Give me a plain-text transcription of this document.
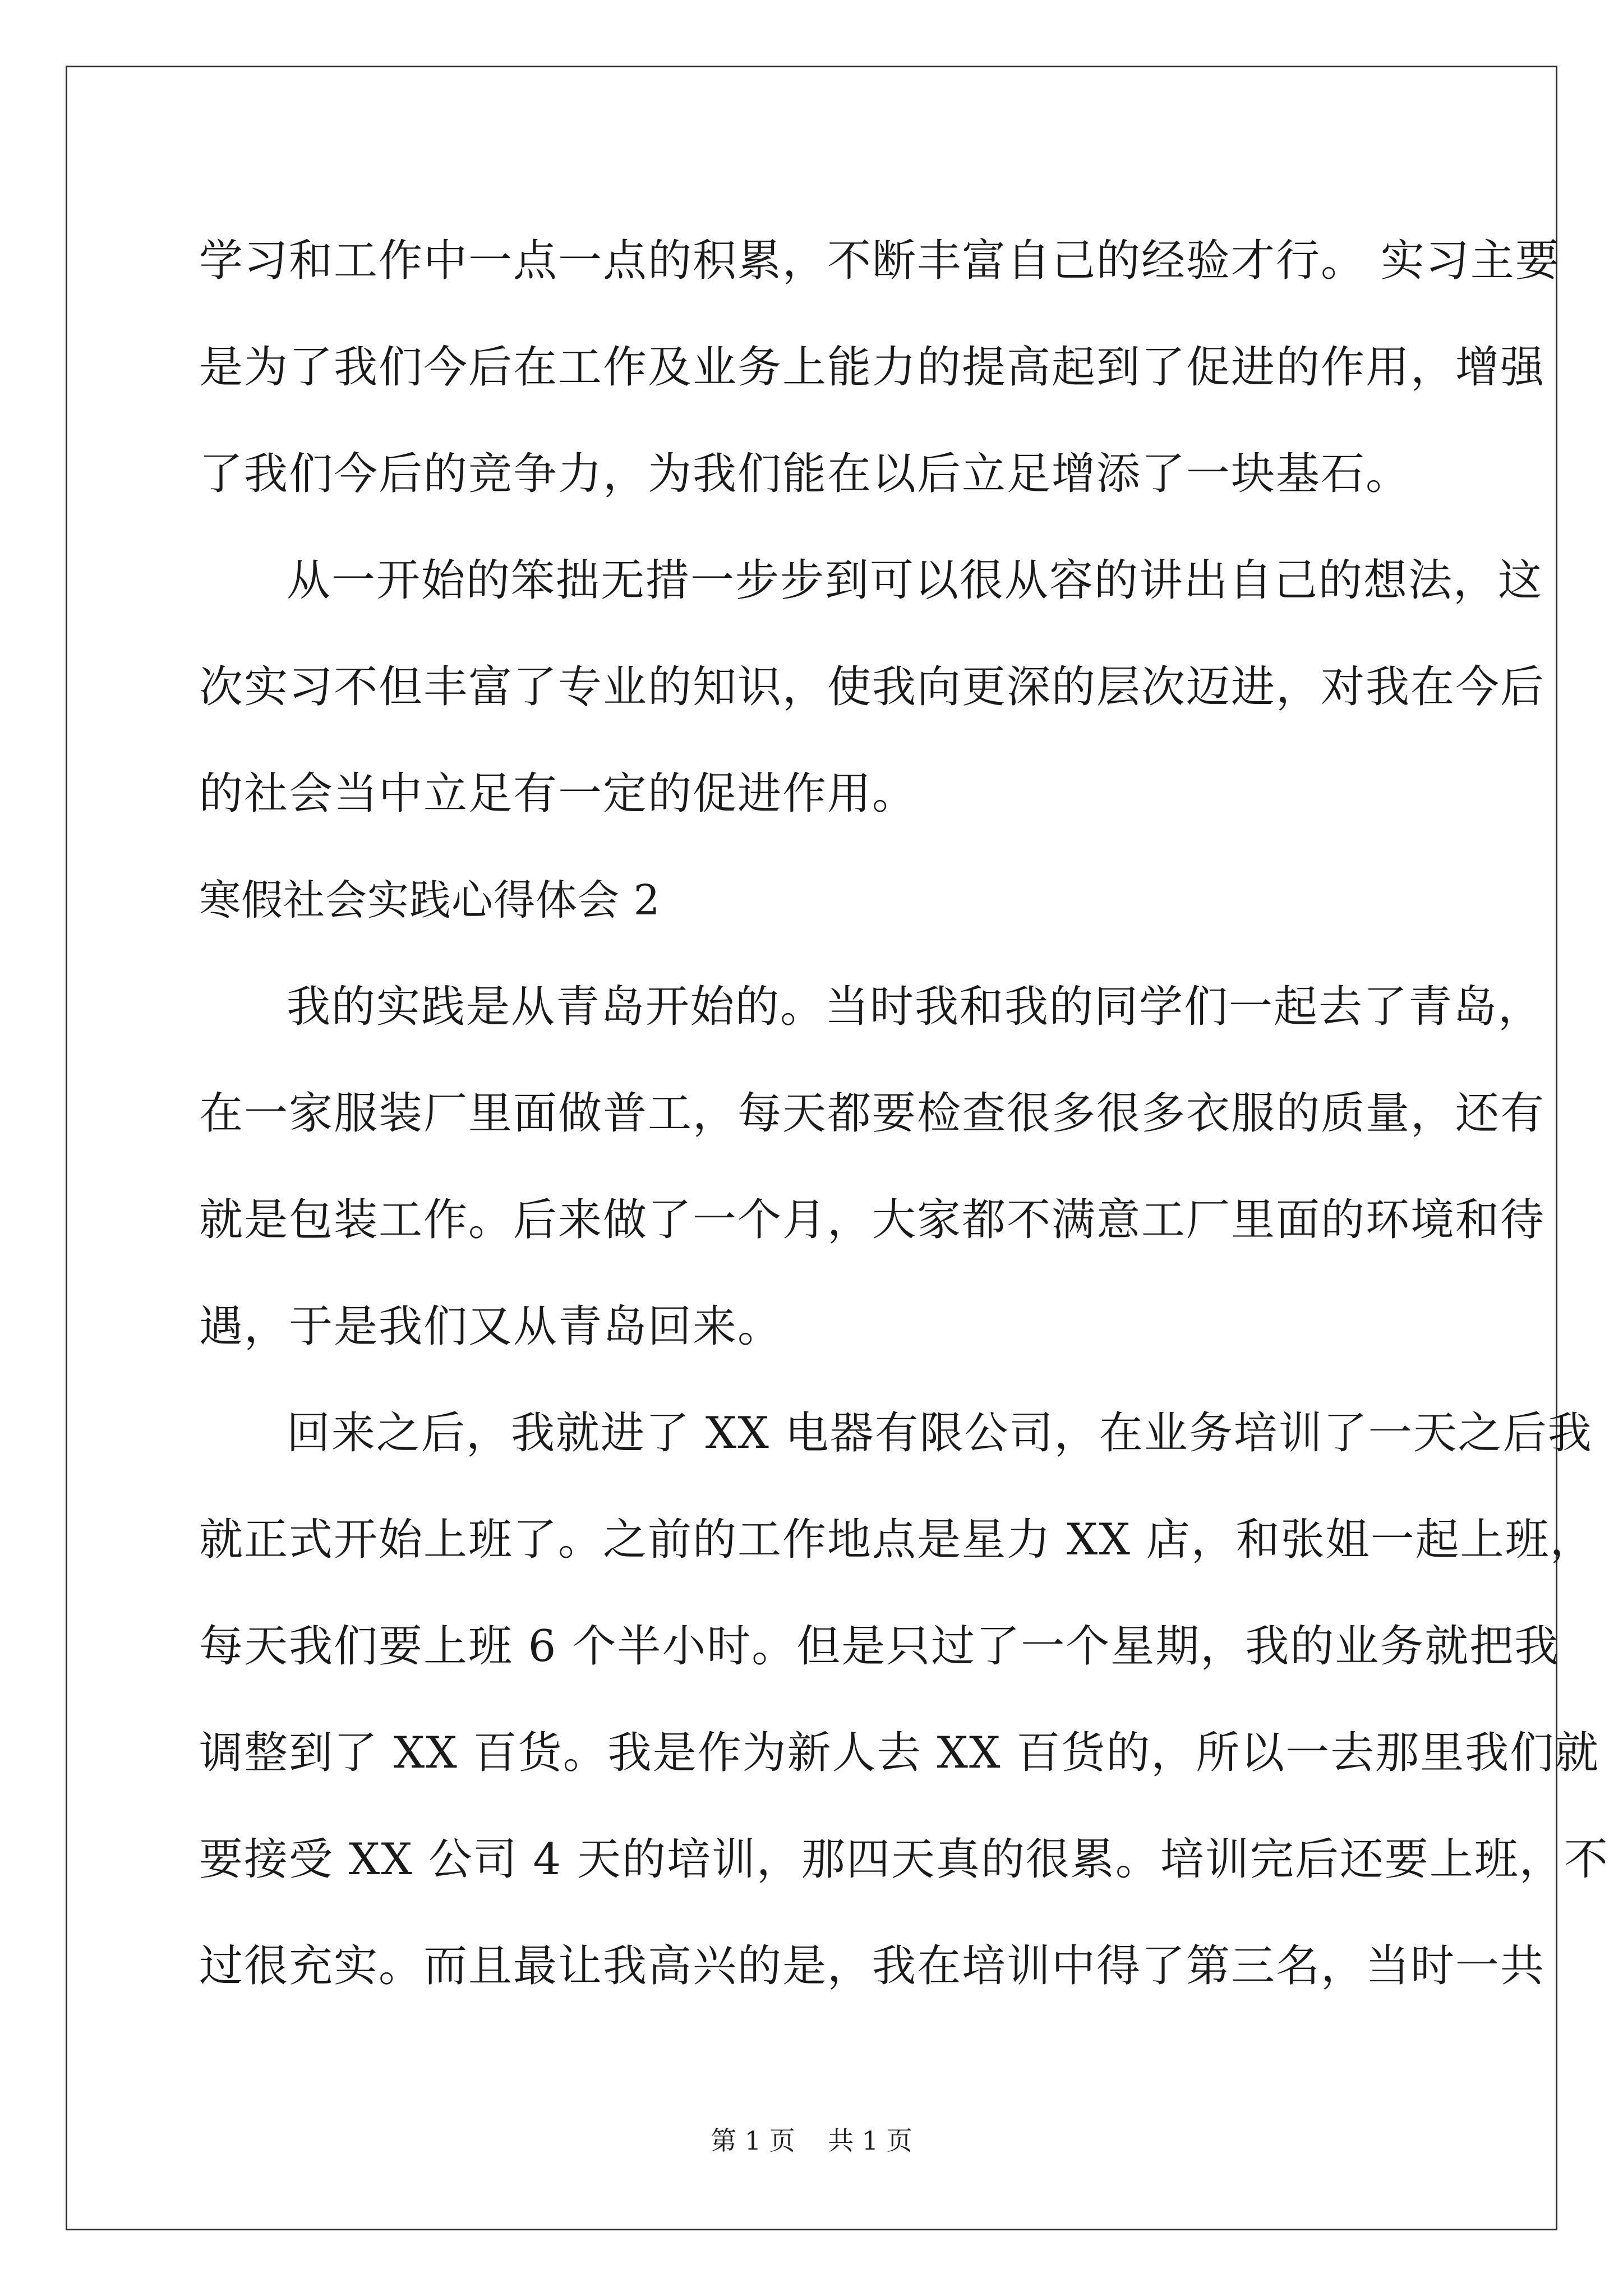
学习和工作中一点一点的积累，不断丰富自己的经验才行。 实习主要
是为了我们今后在工作及业务上能力的提高起到了促进的作用，增强
了我们今后的竞争力，为我们能在以后立足增添了一块基石。
从一开始的笨拙无措一步步到可以很从容的讲出自己的想法，这
次实习不但丰富了专业的知识，使我向更深的层次迈进，对我在今后
的社会当中立足有一定的促进作用。
寒假社会实践心得体会 2
我的实践是从青岛开始的。当时我和我的同学们一起去了青岛，
在一家服装厂里面做普工，每天都要检查很多很多衣服的质量，还有
就是包装工作。后来做了一个月，大家都不满意工厂里面的环境和待
遇，于是我们又从青岛回来。
回来之后，我就进了 XX 电器有限公司，在业务培训了一天之后我
就正式开始上班了。之前的工作地点是星力 XX 店，和张姐一起上班，
每天我们要上班 6 个半小时。但是只过了一个星期，我的业务就把我
调整到了 XX 百货。我是作为新人去 XX 百货的，所以一去那里我们就
要接受 XX 公司 4 天的培训，那四天真的很累。培训完后还要上班，不
过很充实。而且最让我高兴的是，我在培训中得了第三名，当时一共
第 1 页    共 1 页
